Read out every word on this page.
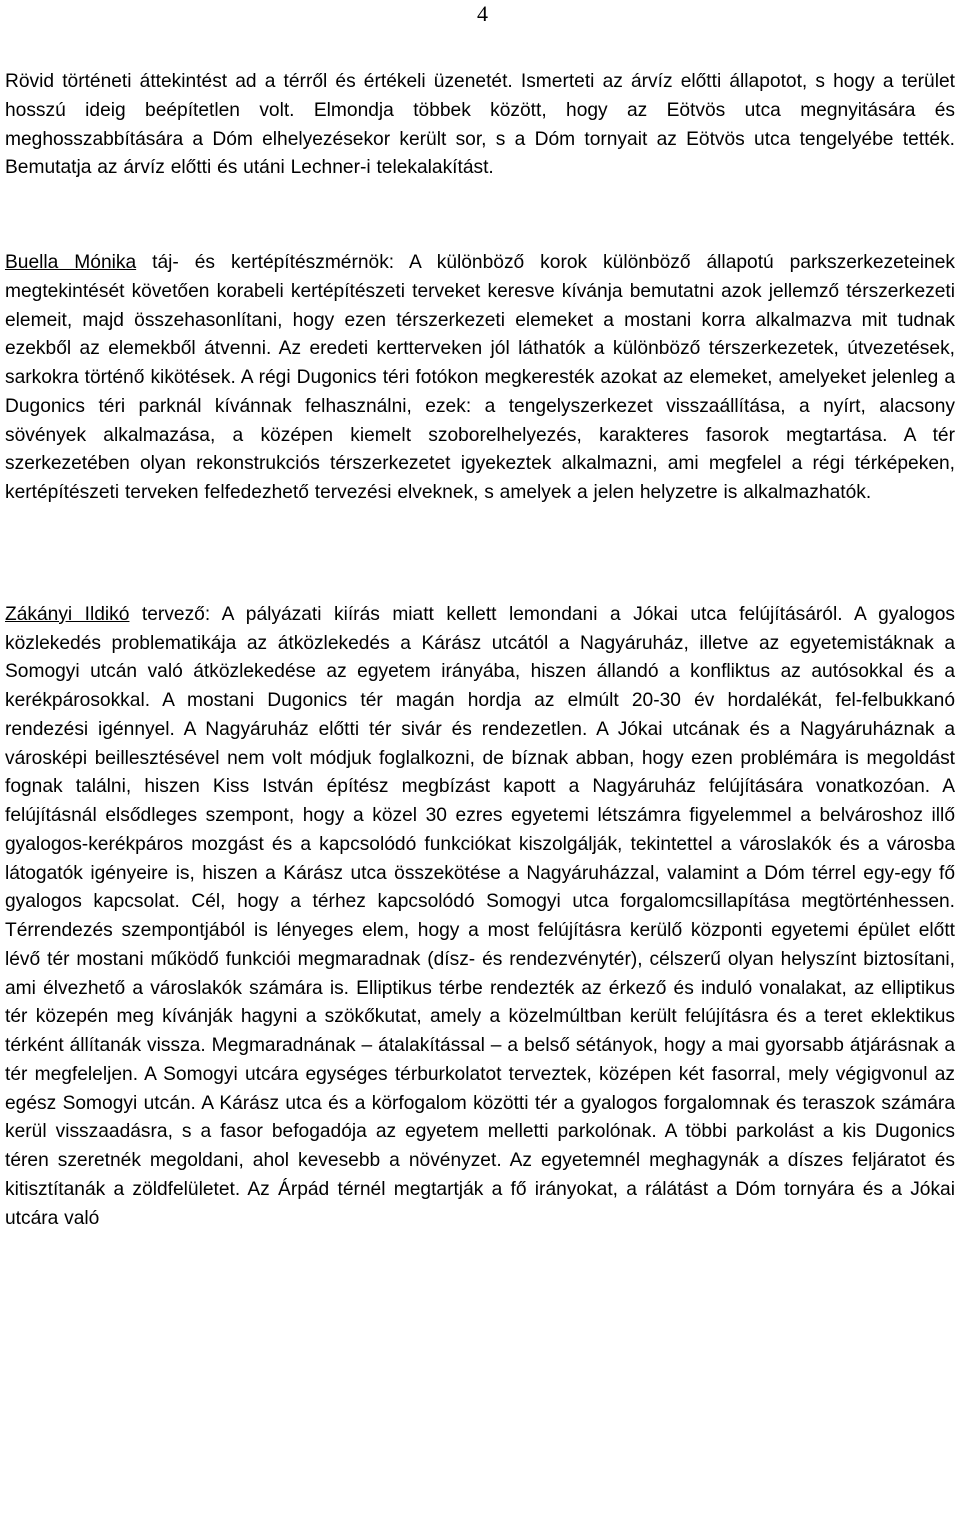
4

Rövid történeti áttekintést ad a térről és értékeli üzenetét. Ismerteti az árvíz előtti állapotot, s hogy a terület hosszú ideig beépítetlen volt. Elmondja többek között, hogy az Eötvös utca megnyitására és meghosszabbítására a Dóm elhelyezésekor került sor, s a Dóm tornyait az Eötvös utca tengelyébe tették. Bemutatja az árvíz előtti és utáni Lechner-i telekalakítást.

Buella Mónika táj- és kertépítészmérnök: A különböző korok különböző állapotú parkszerkezeteinek megtekintését követően korabeli kertépítészeti terveket keresve kívánja bemutatni azok jellemző térszerkezeti elemeit, majd összehasonlítani, hogy ezen térszerkezeti elemeket a mostani korra alkalmazva mit tudnak ezekből az elemekből átvenni. Az eredeti kertterveken jól láthatók a különböző térszerkezetek, útvezetések, sarkokra történő kikötések. A régi Dugonics téri fotókon megkeresték azokat az elemeket, amelyeket jelenleg a Dugonics téri parknál kívánnak felhasználni, ezek: a tengelyszerkezet visszaállítása, a nyírt, alacsony sövények alkalmazása, a középen kiemelt szoborelhelyezés, karakteres fasorok megtartása. A tér szerkezetében olyan rekonstrukciós térszerkezetet igyekeztek alkalmazni, ami megfelel a régi térképeken, kertépítészeti terveken felfedezhető tervezési elveknek, s amelyek a jelen helyzetre is alkalmazhatók.

Zákányi Ildikó tervező: A pályázati kiírás miatt kellett lemondani a Jókai utca felújításáról. A gyalogos közlekedés problematikája az átközlekedés a Kárász utcától a Nagyáruház, illetve az egyetemistáknak a Somogyi utcán való átközlekedése az egyetem irányába, hiszen állandó a konfliktus az autósokkal és a kerékpárosokkal. A mostani Dugonics tér magán hordja az elmúlt 20-30 év hordalékát, fel-felbukkanó rendezési igénnyel. A Nagyáruház előtti tér sivár és rendezetlen. A Jókai utcának és a Nagyáruháznak a városképi beillesztésével nem volt módjuk foglalkozni, de bíznak abban, hogy ezen problémára is megoldást fognak találni, hiszen Kiss István építész megbízást kapott a Nagyáruház felújítására vonatkozóan. A felújításnál elsődleges szempont, hogy a közel 30 ezres egyetemi létszámra figyelemmel a belvároshoz illő gyalogos-kerékpáros mozgást és a kapcsolódó funkciókat kiszolgálják, tekintettel a városlakók és a városba látogatók igényeire is, hiszen a Kárász utca összekötése a Nagyáruházzal, valamint a Dóm térrel egy-egy fő gyalogos kapcsolat. Cél, hogy a térhez kapcsolódó Somogyi utca forgalomcsillapítása megtörténhessen. Térrendezés szempontjából is lényeges elem, hogy a most felújításra kerülő központi egyetemi épület előtt lévő tér mostani működő funkciói megmaradnak (dísz- és rendezvénytér), célszerű olyan helyszínt biztosítani, ami élvezhető a városlakók számára is. Elliptikus térbe rendezték az érkező és induló vonalakat, az elliptikus tér közepén meg kívánják hagyni a szökőkutat, amely a közelmúltban került felújításra és a teret eklektikus térként állítanák vissza. Megmaradnának – átalakítással – a belső sétányok, hogy a mai gyorsabb átjárásnak a tér megfeleljen. A Somogyi utcára egységes térburkolatot terveztek, középen két fasorral, mely végigvonul az egész Somogyi utcán. A Kárász utca és a körfogalom közötti tér a gyalogos forgalomnak és teraszok számára kerül visszaadásra, s a fasor befogadója az egyetem melletti parkolónak. A többi parkolást a kis Dugonics téren szeretnék megoldani, ahol kevesebb a növényzet. Az egyetemnél meghagynák a díszes feljáratot és kitisztítanák a zöldfelületet. Az Árpád térnél megtartják a fő irányokat, a rálátást a Dóm tornyára és a Jókai utcára való
